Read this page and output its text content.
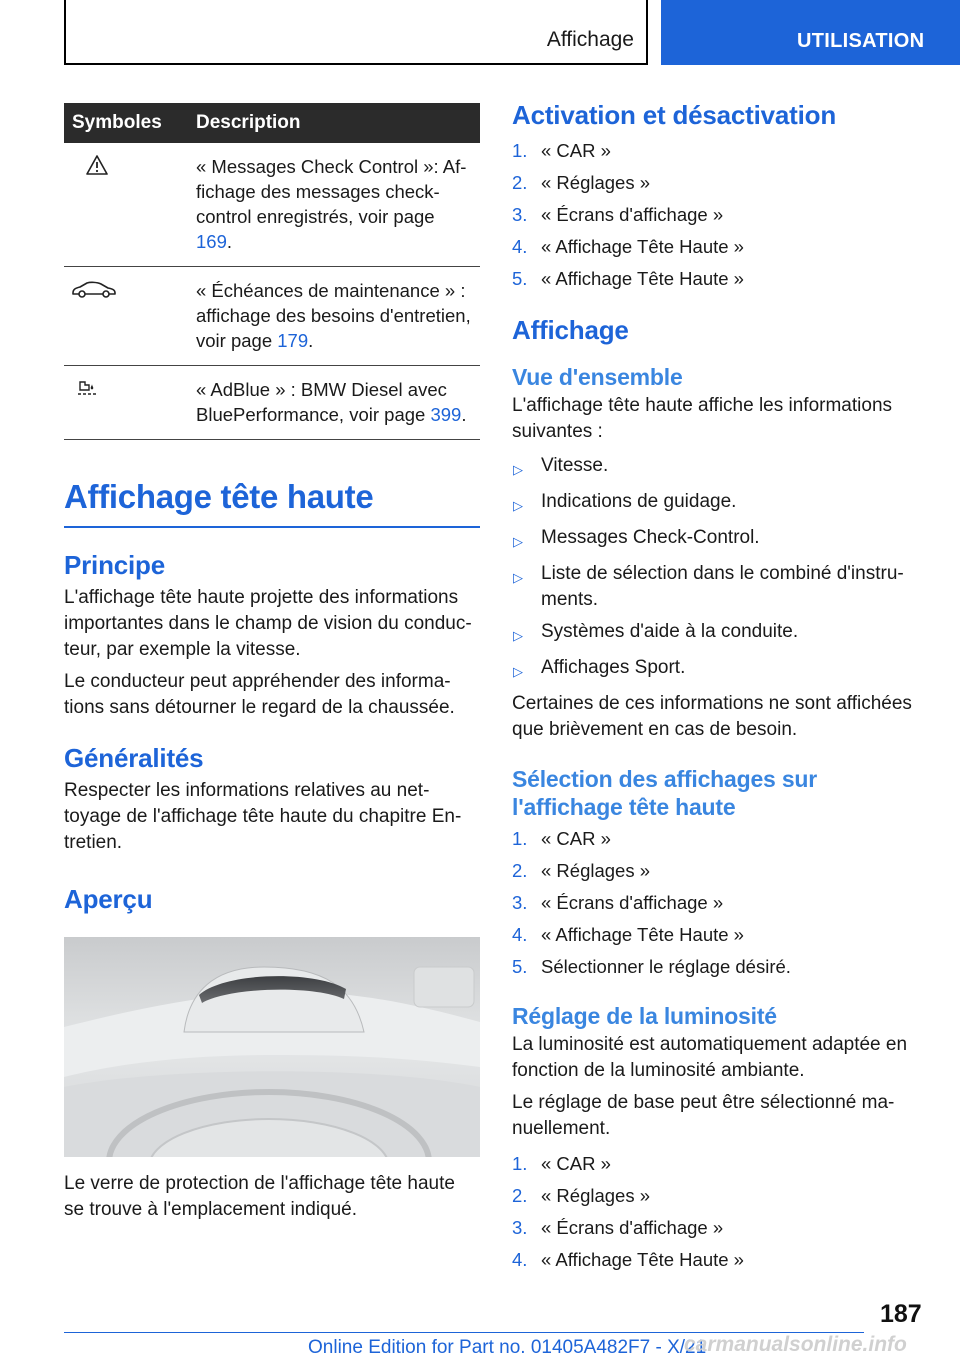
Affichage	UTILISATION
Symboles	Description

	« Messages Check Control »: Affichage des messages check-control enregistrés, voir page 169.

	« Échéances de maintenance » : affichage des besoins d'entretien, voir page 179.

	« AdBlue » : BMW Diesel avec BluePerformance, voir page 399.
Affichage tête haute
Principe

L'affichage tête haute projette des informations importantes dans le champ de vision du conducteur, par exemple la vitesse.

Le conducteur peut appréhender des informations sans détourner le regard de la chaussée.

Généralités

Respecter les informations relatives au nettoyage de l'affichage tête haute du chapitre Entretien.

Aperçu

Le verre de protection de l'affichage tête haute se trouve à l'emplacement indiqué.

Activation et désactivation
1. « CAR »
2. « Réglages »
3. « Écrans d'affichage »
4. « Affichage Tête Haute »
5. « Affichage Tête Haute »
Affichage
Vue d'ensemble

L'affichage tête haute affiche les informations suivantes :

▷ Vitesse.
▷ Indications de guidage.
▷ Messages Check-Control.
▷ Liste de sélection dans le combiné d'instruments.
▷ Systèmes d'aide à la conduite.
▷ Affichages Sport.

Certaines de ces informations ne sont affichées que brièvement en cas de besoin.

Sélection des affichages sur l'affichage tête haute
1. « CAR »
2. « Réglages »
3. « Écrans d'affichage »
4. « Affichage Tête Haute »
5. Sélectionner le réglage désiré.
Réglage de la luminosité

La luminosité est automatiquement adaptée en fonction de la luminosité ambiante.

Le réglage de base peut être sélectionné manuellement.

1. « CAR »
2. « Réglages »
3. « Écrans d'affichage »
4. « Affichage Tête Haute »
187
Online Edition for Part no. 01405A482F7 - X/21
carmanualsonline.info
